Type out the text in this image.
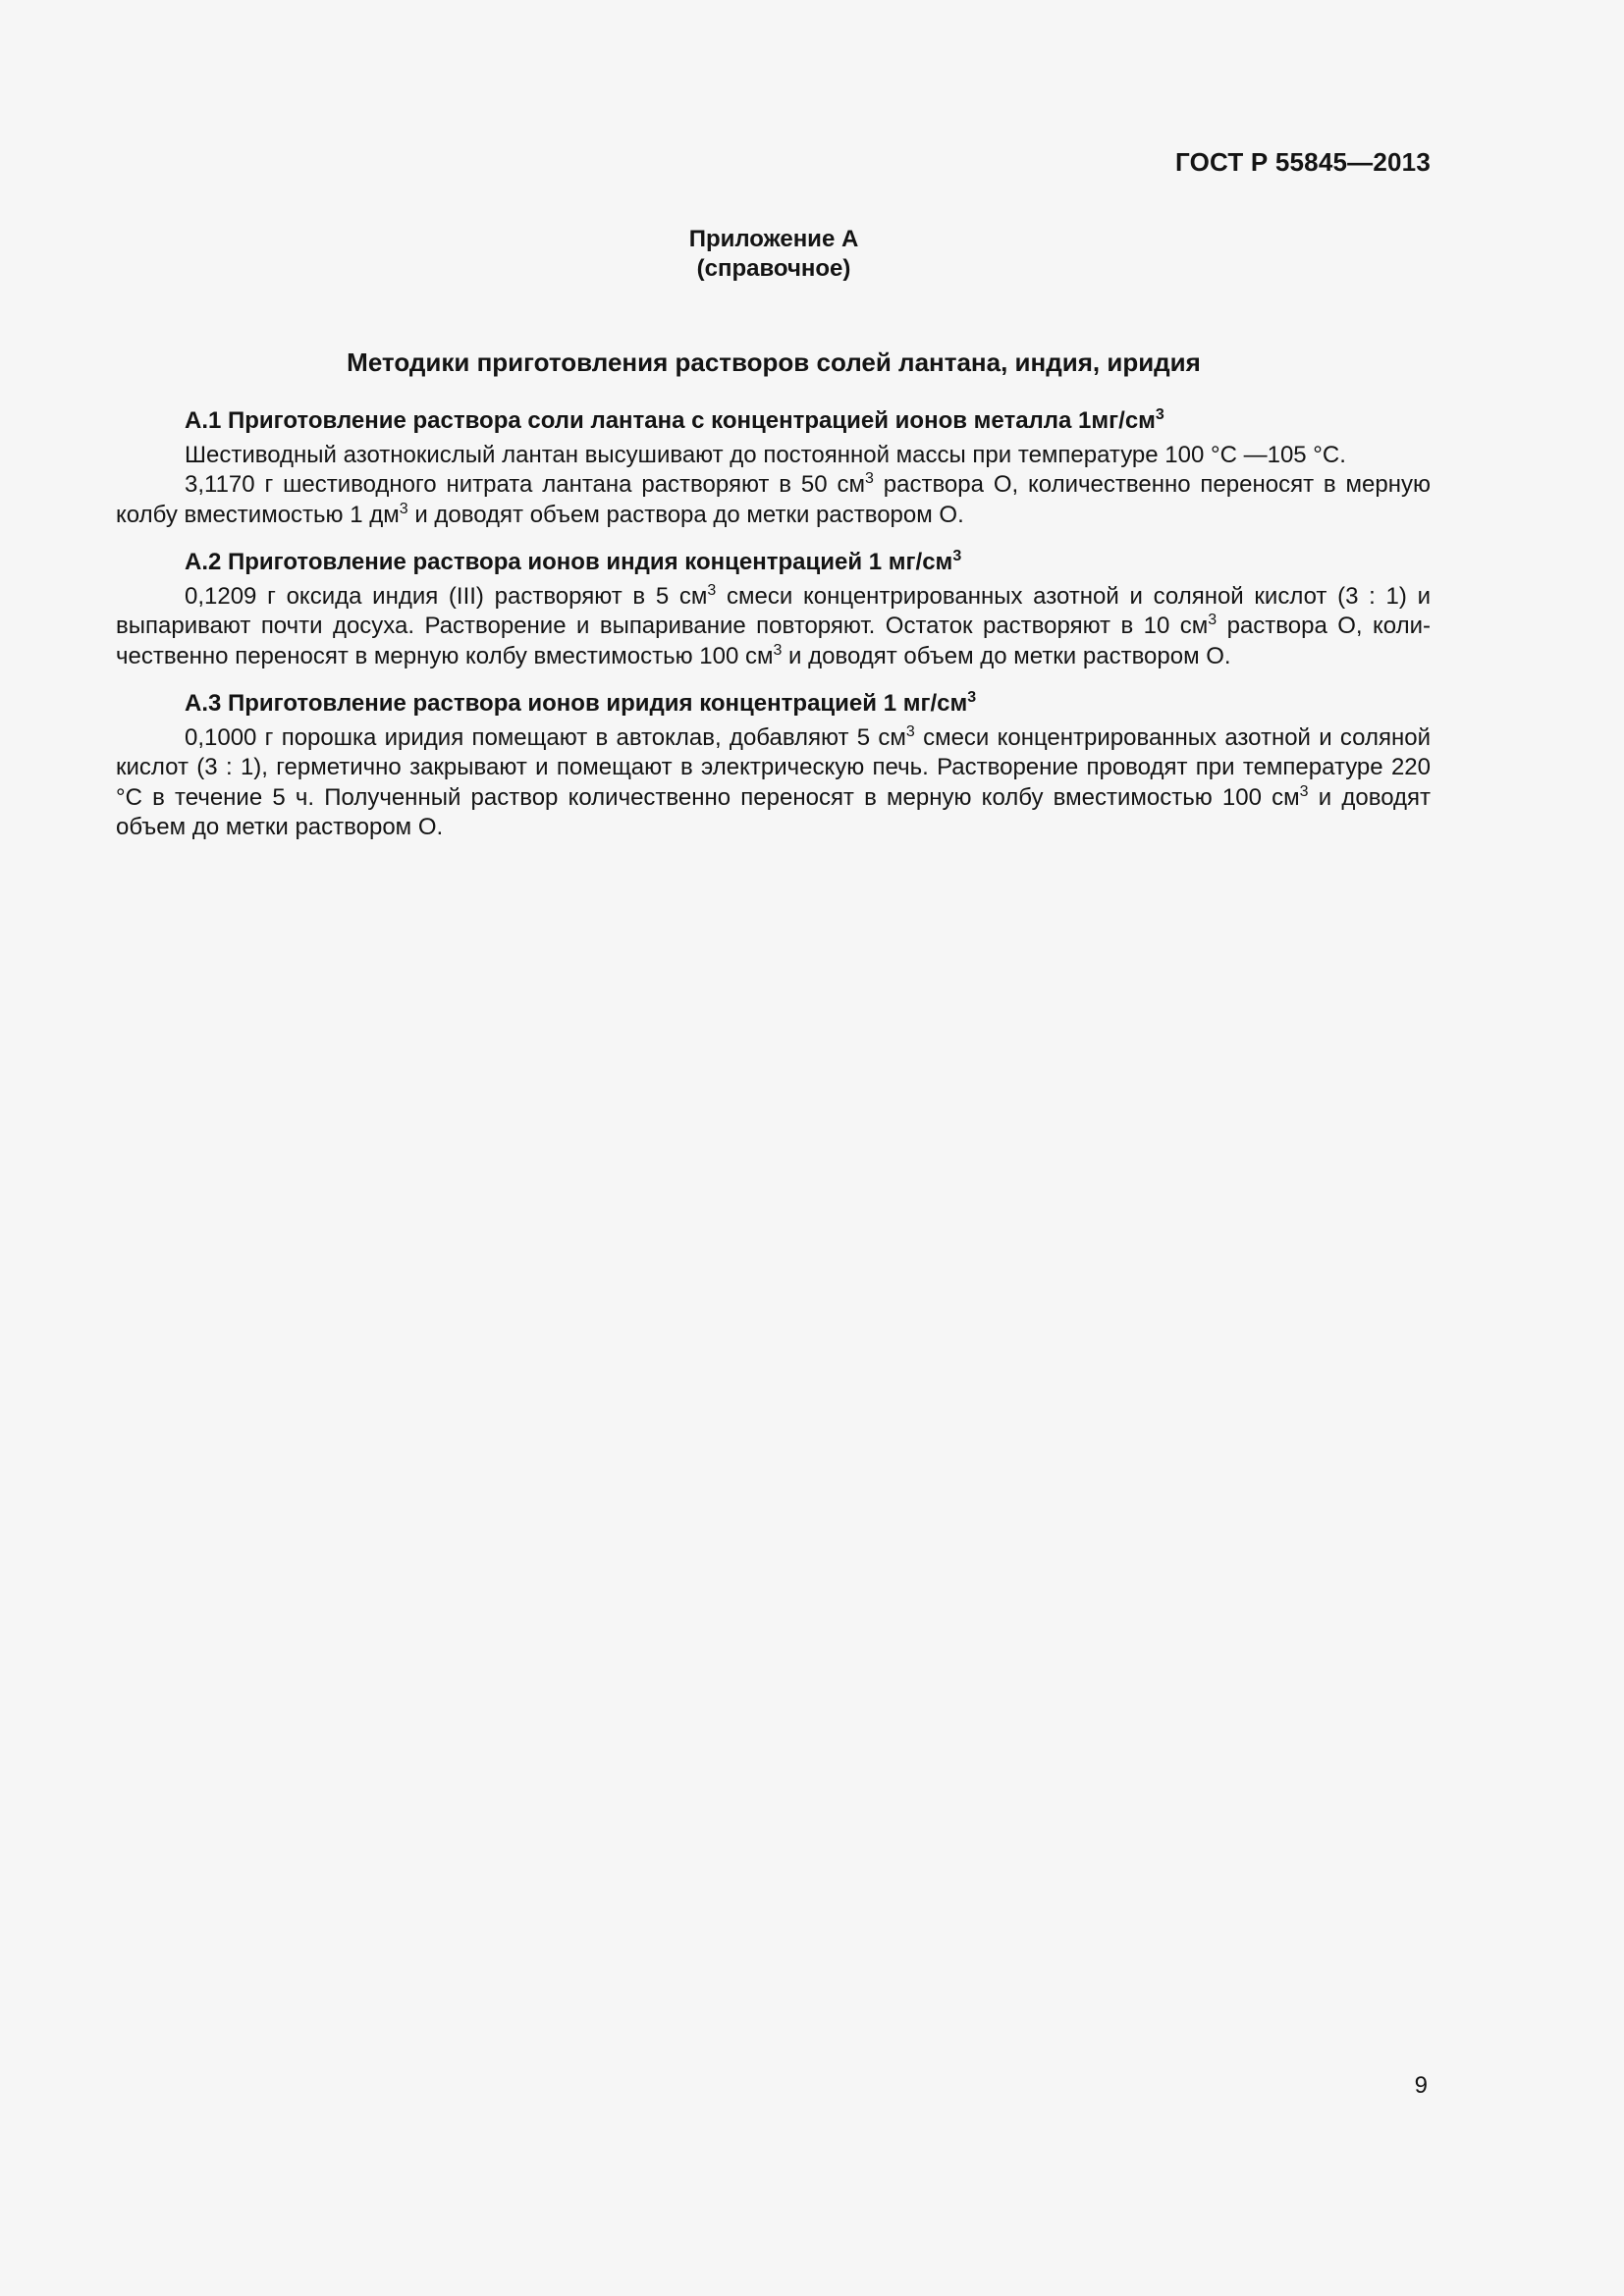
ГОСТ Р 55845—2013
Приложение А
(справочное)
Методики приготовления растворов солей лантана, индия, иридия
А.1 Приготовление раствора соли лантана с концентрацией ионов металла $1мг/см^3$

Шестиводный азотнокислый лантан высушивают до постоянной массы при температуре 100 °С —105 °С.

3,1170 г шестиводного нитрата лантана растворяют в 50 $см^3$ раствора О, количественно переносят в мерную колбу вместимостью 1 $дм^3$ и доводят объем раствора до метки раствором О.

А.2 Приготовление раствора ионов индия концентрацией 1 $мг/см^3$

0,1209 г оксида индия (III) растворяют в 5 $см^3$ смеси концентрированных азотной и соляной кислот (3 : 1) и выпаривают почти досуха. Растворение и выпаривание повторяют. Остаток растворяют в 10 $см^3$ раствора О, количественно переносят в мерную колбу вместимостью 100 $см^3$ и доводят объем до метки раствором О.

А.3 Приготовление раствора ионов иридия концентрацией 1 $мг/см^3$

0,1000 г порошка иридия помещают в автоклав, добавляют 5 $см^3$ смеси концентрированных азотной и соляной кислот (3 : 1), герметично закрывают и помещают в электрическую печь. Растворение проводят при температуре 220 °С в течение 5 ч. Полученный раствор количественно переносят в мерную колбу вместимостью 100 $см^3$ и доводят объем до метки раствором О.

9
